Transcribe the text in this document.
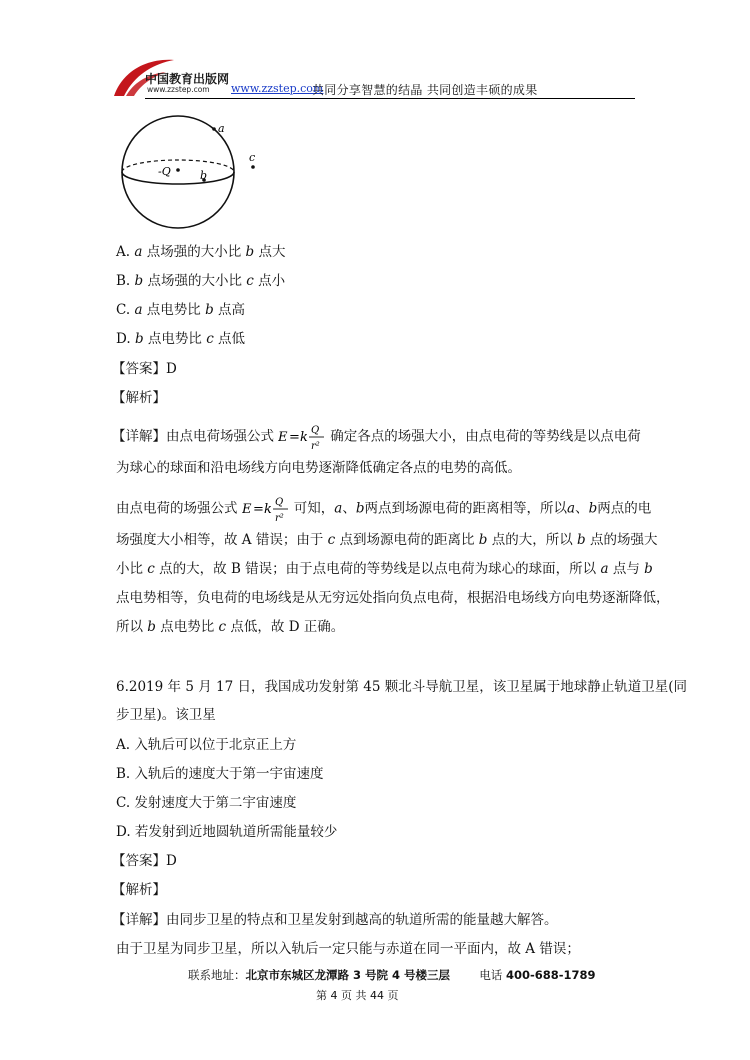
中国教育出版网
www.zzstep.com www.zzstep.com
共同分享智慧的结晶 共同创造丰硕的成果
a
b
c
-Q
A. a 点场强的大小比 b 点大
B. b 点场强的大小比 c 点小
C. a 点电势比 b 点高
D. b 点电势比 c 点低
【答案】D
【解析】
【详解】由点电荷场强公式 E = k Q
r²
确定各点的场强大小，由点电荷的等势线是以点电荷
为球心的球面和沿电场线方向电势逐渐降低确定各点的电势的高低。
由点电荷的场强公式 E = k Q
r²
可知，a、b两点到场源电荷的距离相等，所以a、b两点的电
场强度大小相等，故 A 错误；由于 c 点到场源电荷的距离比 b 点的大，所以 b 点的场强大
小比 c 点的大，故 B 错误；由于点电荷的等势线是以点电荷为球心的球面，所以 a 点与 b
点电势相等，负电荷的电场线是从无穷远处指向负点电荷，根据沿电场线方向电势逐渐降低，
所以 b 点电势比 c 点低，故 D 正确。
6.2019 年 5 月 17 日，我国成功发射第 45 颗北斗导航卫星，该卫星属于地球静止轨道卫星(同
步卫星)。该卫星
A. 入轨后可以位于北京正上方
B. 入轨后的速度大于第一宇宙速度
C. 发射速度大于第二宇宙速度
D. 若发射到近地圆轨道所需能量较少
【答案】D
【解析】
【详解】由同步卫星的特点和卫星发射到越高的轨道所需的能量越大解答。
由于卫星为同步卫星，所以入轨后一定只能与赤道在同一平面内，故 A 错误；
联系地址：北京市东城区龙潭路 3 号院 4 号楼三层	电话 400-688-1789
第 4 页 共 44 页
